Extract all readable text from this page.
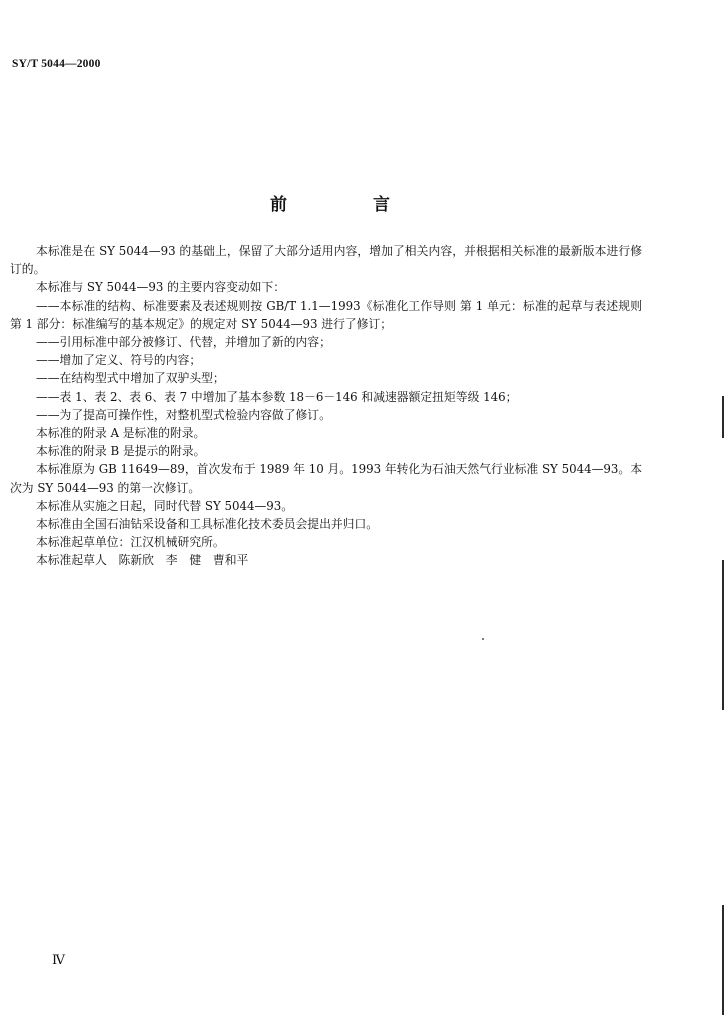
SY/T 5044—2000
前 言

本标准是在 SY 5044—93 的基础上，保留了大部分适用内容，增加了相关内容，并根据相关标准的最新版本进行修订的。

本标准与 SY 5044—93 的主要内容变动如下：

——本标准的结构、标准要素及表述规则按 GB/T 1.1—1993《标准化工作导则 第 1 单元：标准的起草与表述规则 第 1 部分：标准编写的基本规定》的规定对 SY 5044—93 进行了修订；

——引用标准中部分被修订、代替，并增加了新的内容；

——增加了定义、符号的内容；

——在结构型式中增加了双驴头型；

——表 1、表 2、表 6、表 7 中增加了基本参数 18－6－146 和减速器额定扭矩等级 146；

——为了提高可操作性，对整机型式检验内容做了修订。

本标准的附录 A 是标准的附录。

本标准的附录 B 是提示的附录。

本标准原为 GB 11649—89，首次发布于 1989 年 10 月。1993 年转化为石油天然气行业标准 SY 5044—93。本次为 SY 5044—93 的第一次修订。

本标准从实施之日起，同时代替 SY 5044—93。

本标准由全国石油钻采设备和工具标准化技术委员会提出并归口。

本标准起草单位：江汉机械研究所。

本标准起草人　陈新欣　李　健　曹和平

Ⅳ
